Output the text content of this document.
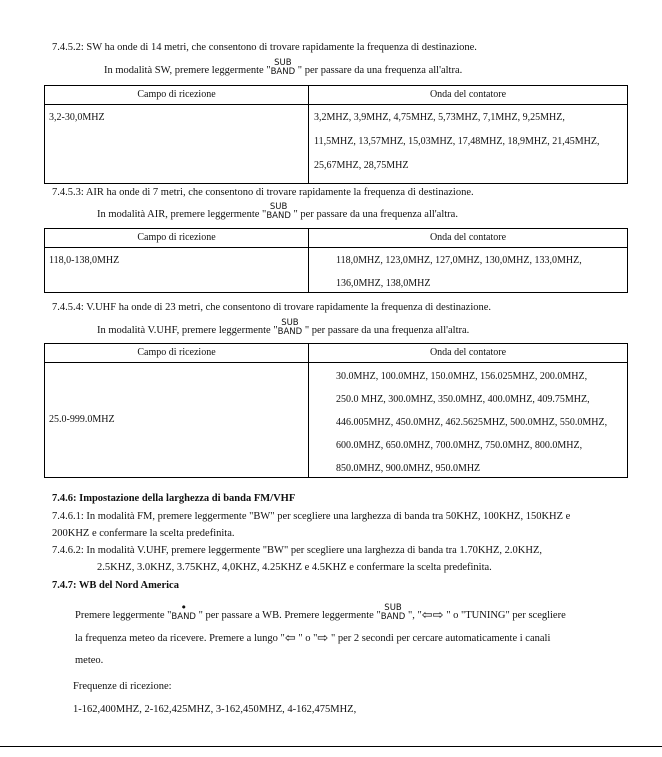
7.4.5.2: SW ha onde di 14 metri, che consentono di trovare rapidamente la frequenza di destinazione.
In modalità SW, premere leggermente "
SUB
BAND " per passare da una frequenza all'altra.
Campo di ricezione	Onda del contatore

3,2-30,0MHZ	3,2MHZ, 3,9MHZ, 4,75MHZ, 5,73MHZ, 7,1MHZ, 9,25MHZ,
11,5MHZ, 13,57MHZ, 15,03MHZ, 17,48MHZ, 18,9MHZ, 21,45MHZ,
25,67MHZ, 28,75MHZ
7.4.5.3: AIR ha onde di 7 metri, che consentono di trovare rapidamente la frequenza di destinazione.
In modalità AIR, premere leggermente "
SUB
BAND " per passare da una frequenza all'altra.
Campo di ricezione	Onda del contatore

118,0-138,0MHZ	118,0MHZ, 123,0MHZ, 127,0MHZ, 130,0MHZ, 133,0MHZ,
136,0MHZ, 138,0MHZ
7.4.5.4: V.UHF ha onde di 23 metri, che consentono di trovare rapidamente la frequenza di destinazione.
In modalità V.UHF, premere leggermente "
SUB
BAND " per passare da una frequenza all'altra.
Campo di ricezione	Onda del contatore

25.0-999.0MHZ	30.0MHZ, 100.0MHZ, 150.0MHZ, 156.025MHZ, 200.0MHZ,
250.0 MHZ, 300.0MHZ, 350.0MHZ, 400.0MHZ, 409.75MHZ,
446.005MHZ, 450.0MHZ, 462.5625MHZ, 500.0MHZ, 550.0MHZ,
600.0MHZ, 650.0MHZ, 700.0MHZ, 750.0MHZ, 800.0MHZ,
850.0MHZ, 900.0MHZ, 950.0MHZ
7.4.6: Impostazione della larghezza di banda FM/VHF
7.4.6.1: In modalità FM, premere leggermente "BW" per scegliere una larghezza di banda tra 50KHZ, 100KHZ, 150KHZ e
200KHZ e confermare la scelta predefinita.
7.4.6.2: In modalità V.UHF, premere leggermente "BW" per scegliere una larghezza di banda tra 1.70KHZ, 2.0KHZ,
2.5KHZ, 3.0KHZ, 3.75KHZ, 4,0KHZ, 4.25KHZ e 4.5KHZ e confermare la scelta predefinita.
7.4.7: WB del Nord America
Premere leggermente "
•
BAND " per passare a WB. Premere leggermente "
SUB
BAND ", "⇦⇨ " o "TUNING" per scegliere
la frequenza meteo da ricevere. Premere a lungo "⇦ " o "⇨ " per 2 secondi per cercare automaticamente i canali
meteo.
Frequenze di ricezione:
1-162,400MHZ, 2-162,425MHZ, 3-162,450MHZ, 4-162,475MHZ,
